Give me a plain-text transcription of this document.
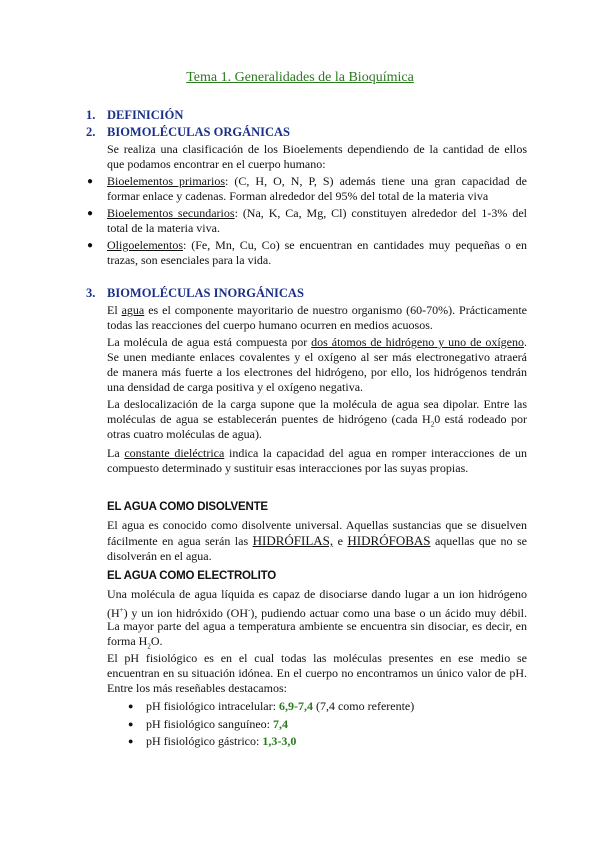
Tema 1. Generalidades de la Bioquímica
1. DEFINICIÓN
2. BIOMOLÉCULAS ORGÁNICAS
Se realiza una clasificación de los Bioelements dependiendo de la cantidad de ellos
que podamos encontrar en el cuerpo humano:
● Bioelementos primarios: (C, H, O, N, P, S) además tiene una gran capacidad de
formar enlace y cadenas. Forman alrededor del 95% del total de la materia viva
● Bioelementos secundarios: (Na, K, Ca, Mg, Cl) constituyen alrededor del 1-3% del
total de la materia viva.
● Oligoelementos: (Fe, Mn, Cu, Co) se encuentran en cantidades muy pequeñas o en
trazas, son esenciales para la vida.
3. BIOMOLÉCULAS INORGÁNICAS
El agua es el componente mayoritario de nuestro organismo (60-70%). Prácticamente
todas las reacciones del cuerpo humano ocurren en medios acuosos.
La molécula de agua está compuesta por dos átomos de hidrógeno y uno de oxígeno.
Se unen mediante enlaces covalentes y el oxígeno al ser más electronegativo atraerá
de manera más fuerte a los electrones del hidrógeno, por ello, los hidrógenos tendrán
una densidad de carga positiva y el oxígeno negativa.
La deslocalización de la carga supone que la molécula de agua sea dipolar. Entre las
moléculas de agua se establecerán puentes de hidrógeno (cada $H_20$ está rodeado por
otras cuatro moléculas de agua).
La constante dieléctrica indica la capacidad del agua en romper interacciones de un
compuesto determinado y sustituir esas interacciones por las suyas propias.
EL AGUA COMO DISOLVENTE
El agua es conocido como disolvente universal. Aquellas sustancias que se disuelven
fácilmente en agua serán las HIDRÓFILAS, e HIDRÓFOBAS aquellas que no se
disolverán en el agua.
EL AGUA COMO ELECTROLITO
Una molécula de agua líquida es capaz de disociarse dando lugar a un ion hidrógeno
(H+) y un ion hidróxido (OH-), pudiendo actuar como una base o un ácido muy débil.
La mayor parte del agua a temperatura ambiente se encuentra sin disociar, es decir, en
forma $H_2O$.
El pH fisiológico es en el cual todas las moléculas presentes en ese medio se
encuentran en su situación idónea. En el cuerpo no encontramos un único valor de pH.
Entre los más reseñables destacamos:
● pH fisiológico intracelular: 6,9-7,4 (7,4 como referente)
● pH fisiológico sanguíneo: 7,4
● pH fisiológico gástrico: 1,3-3,0
